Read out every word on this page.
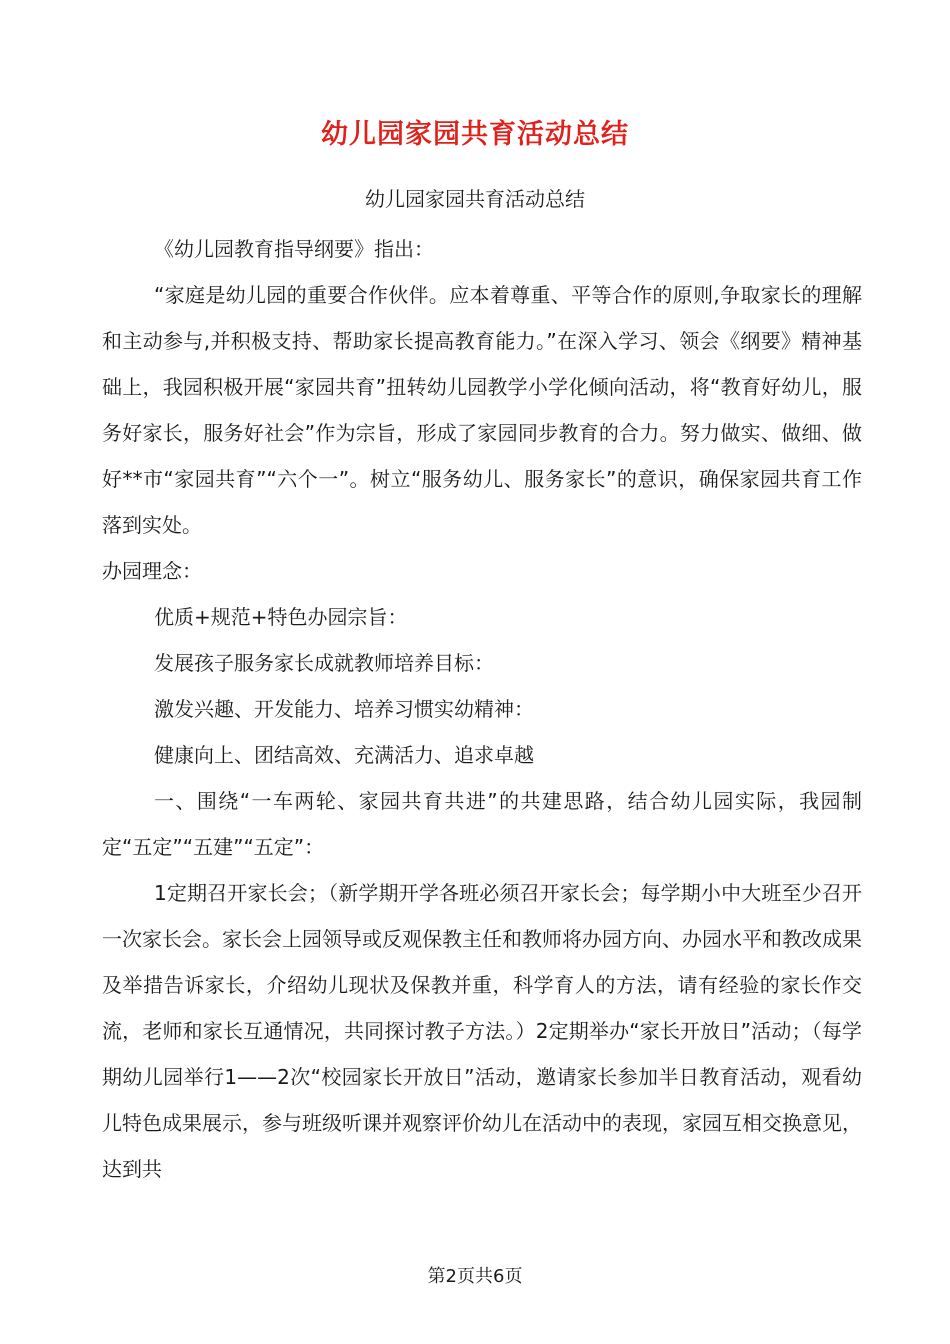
幼儿园家园共育活动总结
幼儿园家园共育活动总结

《幼儿园教育指导纲要》指出：

“家庭是幼儿园的重要合作伙伴。应本着尊重、平等合作的原则,争取家长的理解和主动参与,并积极支持、帮助家长提高教育能力。”在深入学习、领会《纲要》精神基础上，我园积极开展“家园共育”扭转幼儿园教学小学化倾向活动，将“教育好幼儿，服务好家长，服务好社会”作为宗旨，形成了家园同步教育的合力。努力做实、做细、做好**市“家园共育”“六个一”。树立“服务幼儿、服务家长”的意识，确保家园共育工作落到实处。

办园理念：

优质+规范+特色办园宗旨：

发展孩子服务家长成就教师培养目标：

激发兴趣、开发能力、培养习惯实幼精神：

健康向上、团结高效、充满活力、追求卓越

一、围绕“一车两轮、家园共育共进”的共建思路，结合幼儿园实际，我园制定“五定”“五建”“五定”：

1定期召开家长会；（新学期开学各班必须召开家长会；每学期小中大班至少召开一次家长会。家长会上园领导或反观保教主任和教师将办园方向、办园水平和教改成果及举措告诉家长，介绍幼儿现状及保教并重，科学育人的方法，请有经验的家长作交流，老师和家长互通情况，共同探讨教子方法。）2定期举办“家长开放日”活动；（每学期幼儿园举行1——2次“校园家长开放日”活动，邀请家长参加半日教育活动，观看幼儿特色成果展示，参与班级听课并观察评价幼儿在活动中的表现，家园互相交换意见，达到共

第2页共6页
